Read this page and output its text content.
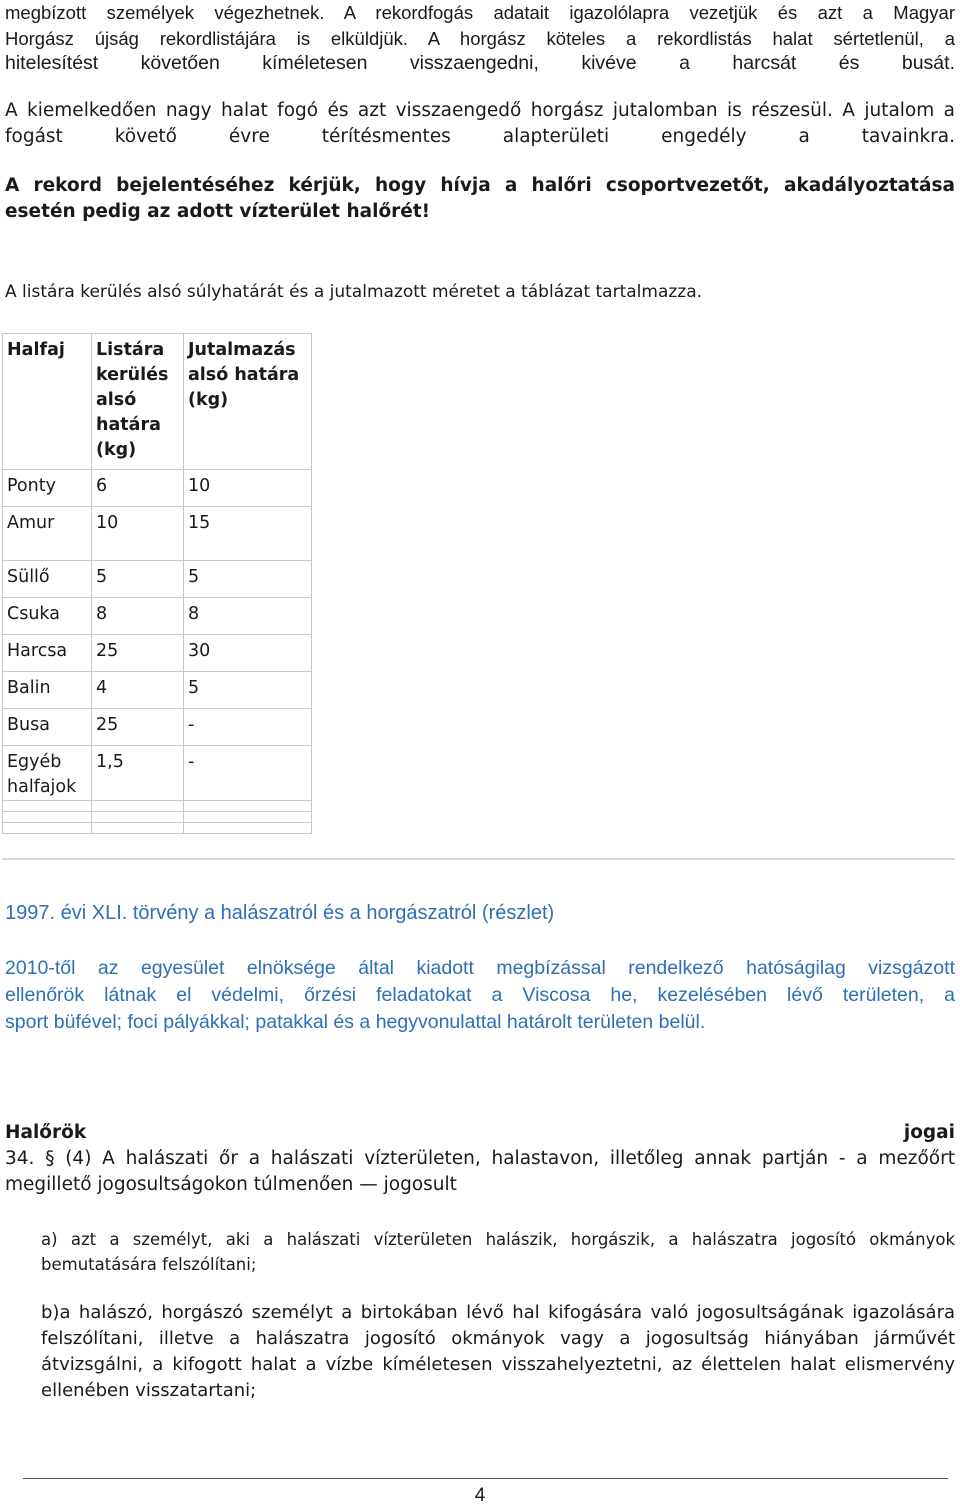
megbízott személyek végezhetnek. A rekordfogás adatait igazolólapra vezetjük és azt a Magyar
Horgász újság rekordlistájára is elküldjük. A horgász köteles a rekordlistás halat sértetlenül, a
hitelesítést követően kíméletesen visszaengedni, kivéve a harcsát és busát.
A kiemelkedően nagy halat fogó és azt visszaengedő horgász jutalomban is részesül. A jutalom a
fogást követő évre térítésmentes alapterületi engedély a tavainkra.
A rekord bejelentéséhez kérjük, hogy hívja a halőri csoportvezetőt, akadályoztatása
esetén pedig az adott vízterület halőrét!
A listára kerülés alsó súlyhatárát és a jutalmazott méretet a táblázat tartalmazza.
Halfaj	Listára kerülés alsó határa (kg)	Jutalmazás alsó határa (kg)
Ponty	6	10
Amur	10	15
Süllő	5	5
Csuka	8	8
Harcsa	25	30
Balin	4	5
Busa	25	-
Egyéb halfajok	1,5	-

1997. évi XLI. törvény a halászatról és a horgászatról (részlet)
2010-től az egyesület elnöksége által kiadott megbízással rendelkező hatóságilag vizsgázott
ellenőrök látnak el védelmi, őrzési feladatokat a Viscosa he, kezelésében lévő területen, a
sport büfével; foci pályákkal; patakkal és a hegyvonulattal határolt területen belül.
Halőrök jogai
34. § (4) A halászati őr a halászati vízterületen, halastavon, illetőleg annak partján - a mezőőrt
megillető jogosultságokon túlmenően — jogosult
a) azt a személyt, aki a halászati vízterületen halászik, horgászik, a halászatra jogosító okmányok
bemutatására felszólítani;
b)a halászó, horgászó személyt a birtokában lévő hal kifogására való jogosultságának igazolására
felszólítani, illetve a halászatra jogosító okmányok vagy a jogosultság hiányában járművét
átvizsgálni, a kifogott halat a vízbe kíméletesen visszahelyeztetni, az élettelen halat elismervény
ellenében visszatartani;
4
